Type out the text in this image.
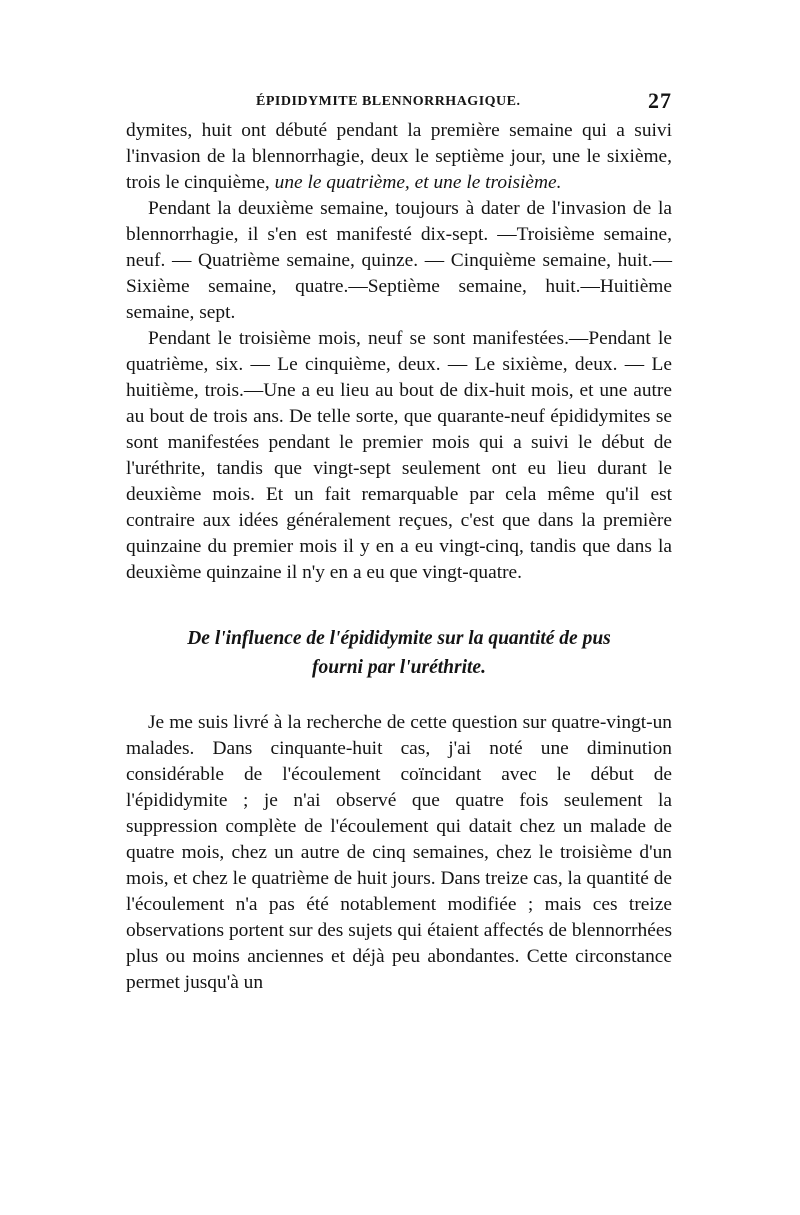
ÉPIDIDYMITE BLENNORRHAGIQUE.	27

dymites, huit ont débuté pendant la première semaine qui a suivi l'invasion de la blennorrhagie, deux le septième jour, une le sixième, trois le cinquième, une le quatrième, et une le troisième.

Pendant la deuxième semaine, toujours à dater de l'invasion de la blennorrhagie, il s'en est manifesté dix-sept. —Troisième semaine, neuf. — Quatrième semaine, quinze. — Cinquième semaine, huit.— Sixième semaine, quatre.—Septième semaine, huit.—Huitième semaine, sept.

Pendant le troisième mois, neuf se sont manifestées.—Pendant le quatrième, six. — Le cinquième, deux. — Le sixième, deux. — Le huitième, trois.—Une a eu lieu au bout de dix-huit mois, et une autre au bout de trois ans. De telle sorte, que quarante-neuf épididymites se sont manifestées pendant le premier mois qui a suivi le début de l'uréthrite, tandis que vingt-sept seulement ont eu lieu durant le deuxième mois. Et un fait remarquable par cela même qu'il est contraire aux idées généralement reçues, c'est que dans la première quinzaine du premier mois il y en a eu vingt-cinq, tandis que dans la deuxième quinzaine il n'y en a eu que vingt-quatre.

De l'influence de l'épididymite sur la quantité de pus
fourni par l'uréthrite.

Je me suis livré à la recherche de cette question sur quatre-vingt-un malades. Dans cinquante-huit cas, j'ai noté une diminution considérable de l'écoulement coïncidant avec le début de l'épididymite ; je n'ai observé que quatre fois seulement la suppression complète de l'écoulement qui datait chez un malade de quatre mois, chez un autre de cinq semaines, chez le troisième d'un mois, et chez le quatrième de huit jours. Dans treize cas, la quantité de l'écoulement n'a pas été notablement modifiée ; mais ces treize observations portent sur des sujets qui étaient affectés de blennorrhées plus ou moins anciennes et déjà peu abondantes. Cette circonstance permet jusqu'à un
